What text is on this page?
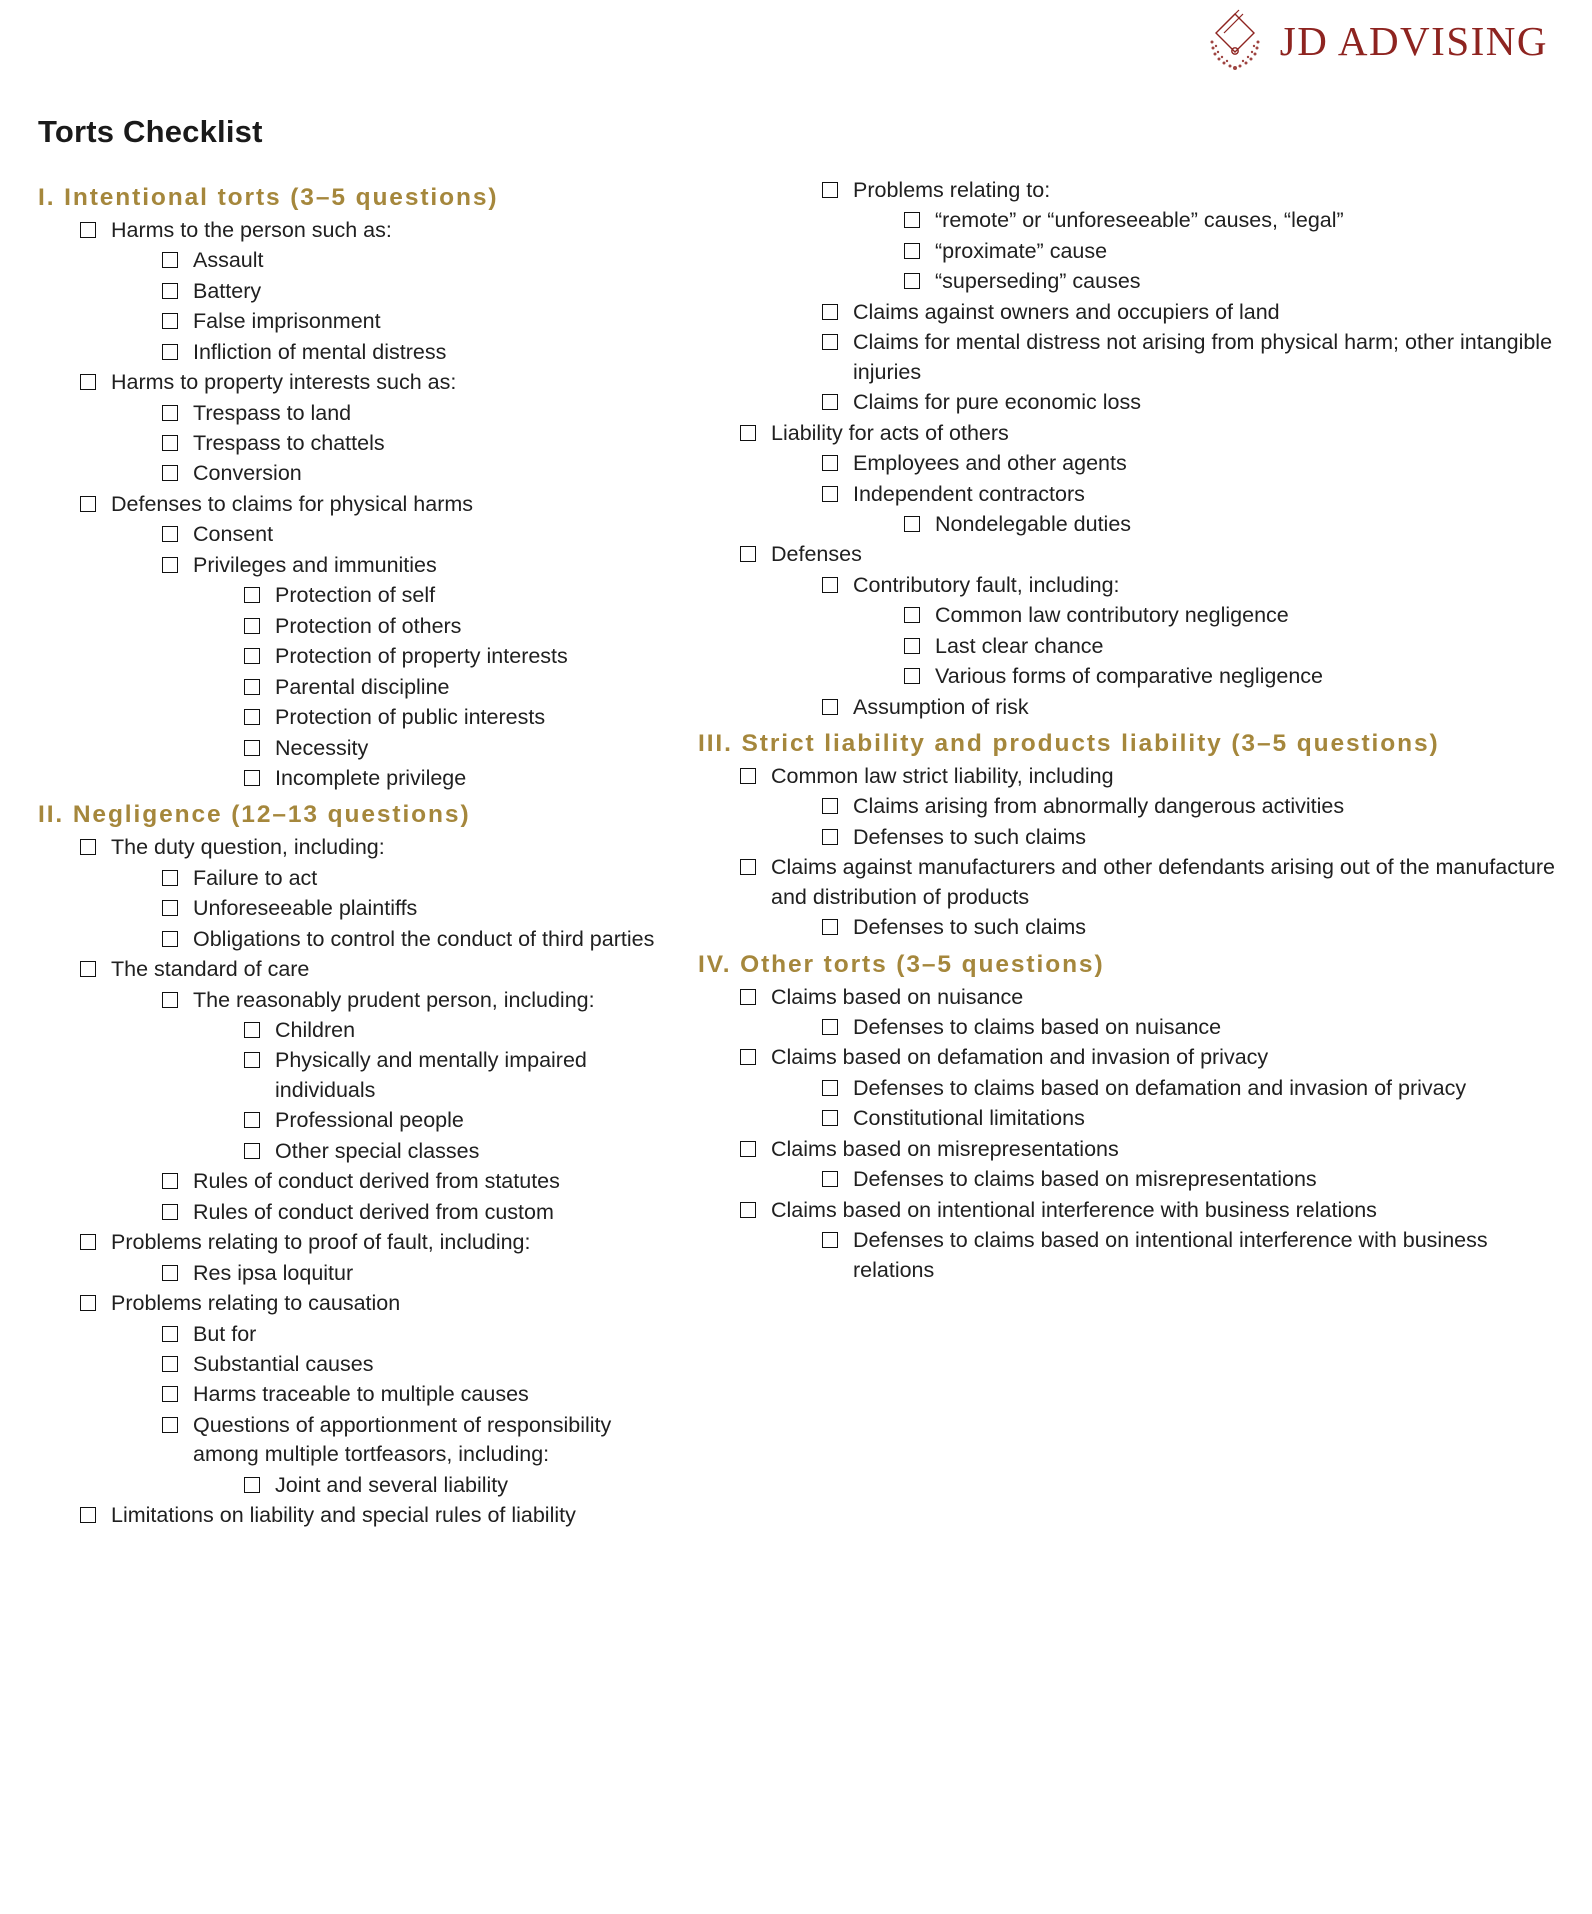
JD ADVISING
Torts Checklist
I. Intentional torts (3–5 questions)
Harms to the person such as:
Assault
Battery
False imprisonment
Infliction of mental distress
Harms to property interests such as:
Trespass to land
Trespass to chattels
Conversion
Defenses to claims for physical harms
Consent
Privileges and immunities
Protection of self
Protection of others
Protection of property interests
Parental discipline
Protection of public interests
Necessity
Incomplete privilege
II. Negligence (12–13 questions)
The duty question, including:
Failure to act
Unforeseeable plaintiffs
Obligations to control the conduct of third parties
The standard of care
The reasonably prudent person, including:
Children
Physically and mentally impaired individuals
Professional people
Other special classes
Rules of conduct derived from statutes
Rules of conduct derived from custom
Problems relating to proof of fault, including:
Res ipsa loquitur
Problems relating to causation
But for
Substantial causes
Harms traceable to multiple causes
Questions of apportionment of responsibility among multiple tortfeasors, including:
Joint and several liability
Limitations on liability and special rules of liability
Problems relating to:
“remote” or “unforeseeable” causes, “legal”
“proximate” cause
“superseding” causes
Claims against owners and occupiers of land
Claims for mental distress not arising from physical harm; other intangible injuries
Claims for pure economic loss
Liability for acts of others
Employees and other agents
Independent contractors
Nondelegable duties
Defenses
Contributory fault, including:
Common law contributory negligence
Last clear chance
Various forms of comparative negligence
Assumption of risk
III. Strict liability and products liability (3–5 questions)
Common law strict liability, including
Claims arising from abnormally dangerous activities
Defenses to such claims
Claims against manufacturers and other defendants arising out of the manufacture and distribution of products
Defenses to such claims
IV. Other torts (3–5 questions)
Claims based on nuisance
Defenses to claims based on nuisance
Claims based on defamation and invasion of privacy
Defenses to claims based on defamation and invasion of privacy
Constitutional limitations
Claims based on misrepresentations
Defenses to claims based on misrepresentations
Claims based on intentional interference with business relations
Defenses to claims based on intentional interference with business relations
